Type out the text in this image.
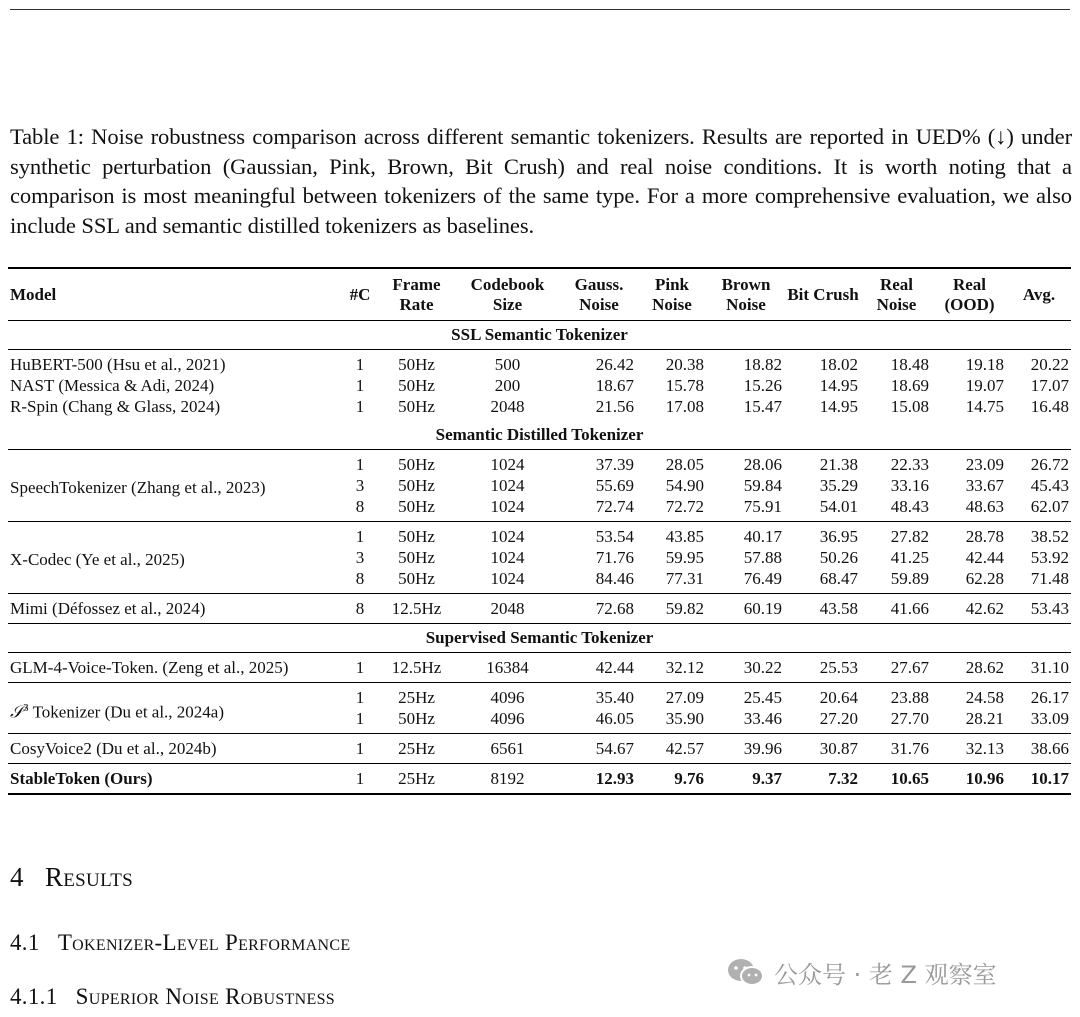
Table 1: Noise robustness comparison across different semantic tokenizers. Results are reported in UED% (↓) under synthetic perturbation (Gaussian, Pink, Brown, Bit Crush) and real noise conditions. It is worth noting that a comparison is most meaningful between tokenizers of the same type. For a more comprehensive evaluation, we also include SSL and semantic distilled tokenizers as baselines.
Model	#C	Frame Rate	Codebook Size	Gauss. Noise	Pink Noise	Brown Noise	Bit Crush	Real Noise	Real (OOD)	Avg.
SSL Semantic Tokenizer										
HuBERT-500 (Hsu et al., 2021)	1	50Hz	500	26.42	20.38	18.82	18.02	18.48	19.18	20.22
NAST (Messica & Adi, 2024)	1	50Hz	200	18.67	15.78	15.26	14.95	18.69	19.07	17.07
R-Spin (Chang & Glass, 2024)	1	50Hz	2048	21.56	17.08	15.47	14.95	15.08	14.75	16.48
Semantic Distilled Tokenizer										
SpeechTokenizer (Zhang et al., 2023)	1	50Hz	1024	37.39	28.05	28.06	21.38	22.33	23.09	26.72
	3	50Hz	1024	55.69	54.90	59.84	35.29	33.16	33.67	45.43
	8	50Hz	1024	72.74	72.72	75.91	54.01	48.43	48.63	62.07

X-Codec (Ye et al., 2025)	1	50Hz	1024	53.54	43.85	40.17	36.95	27.82	28.78	38.52
	3	50Hz	1024	71.76	59.95	57.88	50.26	41.25	42.44	53.92
	8	50Hz	1024	84.46	77.31	76.49	68.47	59.89	62.28	71.48

Mimi (Défossez et al., 2024)	8	12.5Hz	2048	72.68	59.82	60.19	43.58	41.66	42.62	53.43

Supervised Semantic Tokenizer										
GLM-4-Voice-Token. (Zeng et al., 2025)	1	12.5Hz	16384	42.44	32.12	30.22	25.53	27.67	28.62	31.10

𝒮$^3$ Tokenizer (Du et al., 2024a)	1	25Hz	4096	35.40	27.09	25.45	20.64	23.88	24.58	26.17
	1	50Hz	4096	46.05	35.90	33.46	27.20	27.70	28.21	33.09

CosyVoice2 (Du et al., 2024b)	1	25Hz	6561	54.67	42.57	39.96	30.87	31.76	32.13	38.66

StableToken (Ours)	1	25Hz	8192	12.93	9.76	9.37	7.32	10.65	10.96	10.17
4 Results
4.1 Tokenizer-Level Performance
4.1.1 Superior Noise Robustness
公众号 · 老 Z 观察室
